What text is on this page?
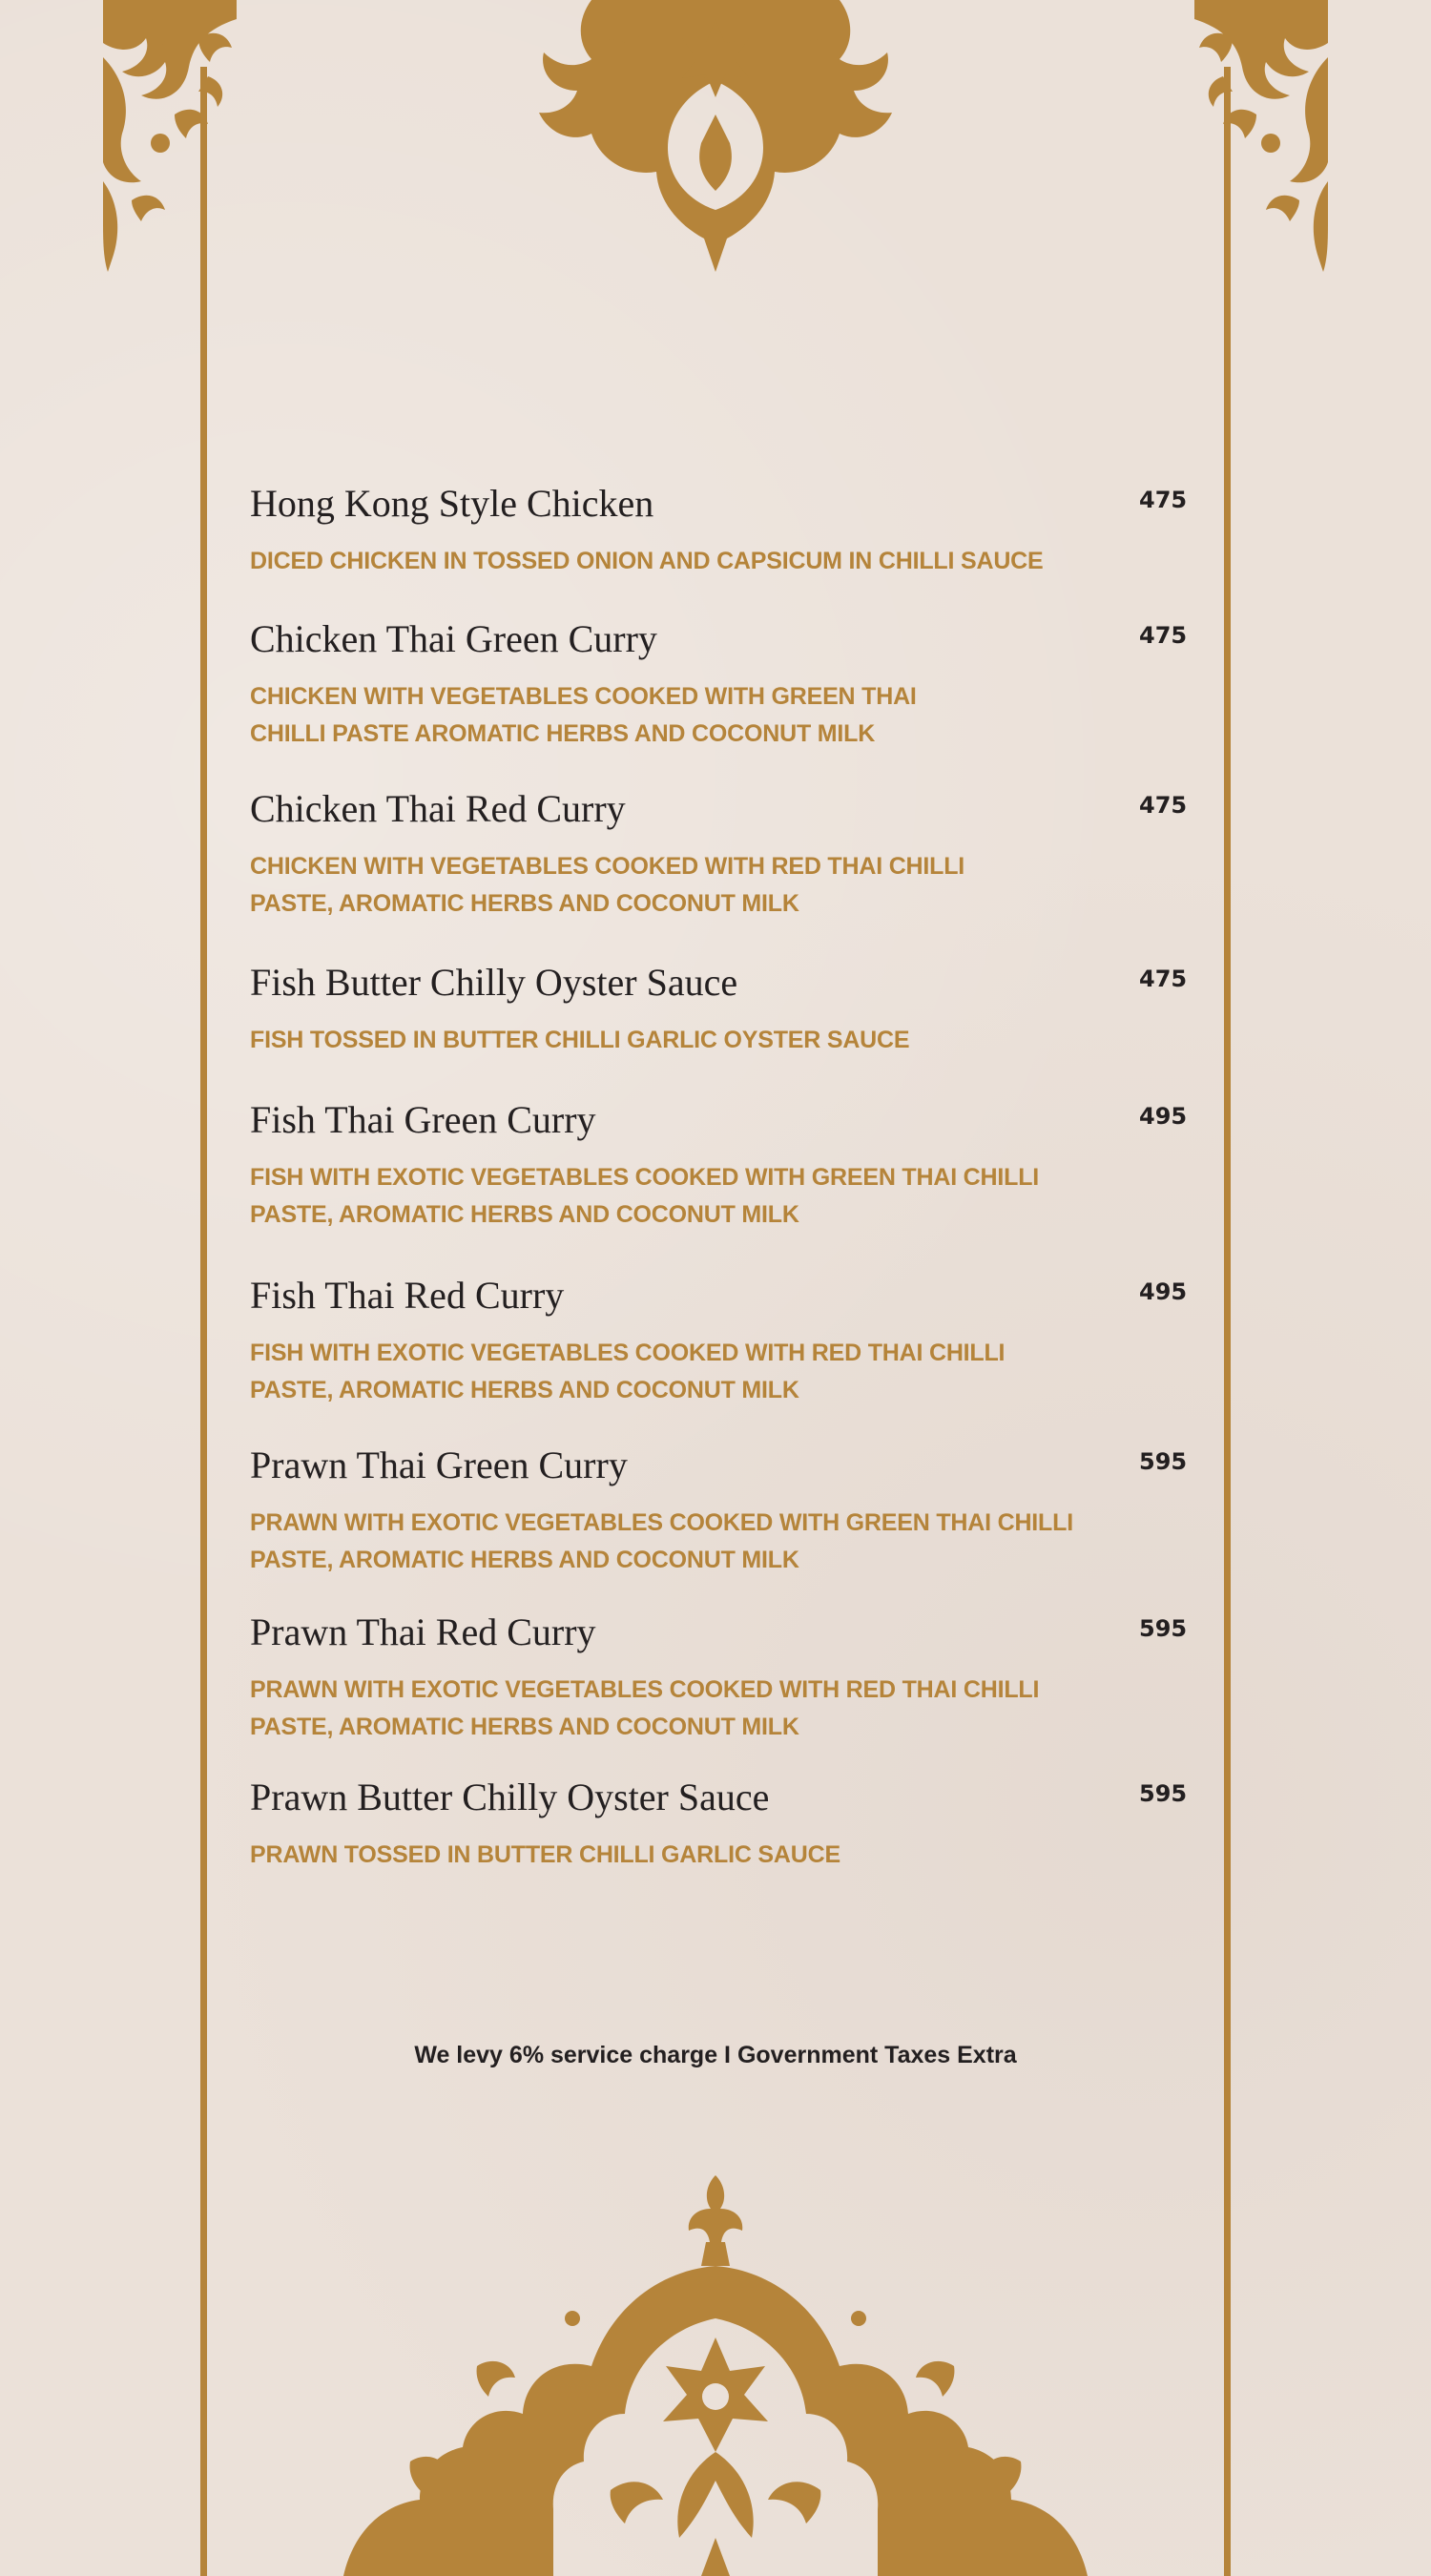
Hong Kong Style Chicken	475
DICED CHICKEN IN TOSSED ONION AND CAPSICUM IN CHILLI SAUCE
Chicken Thai Green Curry	475
CHICKEN WITH VEGETABLES COOKED WITH GREEN THAI
CHILLI PASTE AROMATIC HERBS AND COCONUT MILK
Chicken Thai Red Curry	475
CHICKEN WITH VEGETABLES COOKED WITH RED THAI CHILLI
PASTE, AROMATIC HERBS AND COCONUT MILK
Fish Butter Chilly Oyster Sauce	475
FISH TOSSED IN BUTTER CHILLI GARLIC OYSTER SAUCE
Fish Thai Green Curry	495
FISH WITH EXOTIC VEGETABLES COOKED WITH GREEN THAI CHILLI
PASTE, AROMATIC HERBS AND COCONUT MILK
Fish Thai Red Curry	495
FISH WITH EXOTIC VEGETABLES COOKED WITH RED THAI CHILLI
PASTE, AROMATIC HERBS AND COCONUT MILK
Prawn Thai Green Curry	595
PRAWN WITH EXOTIC VEGETABLES COOKED WITH GREEN THAI CHILLI
PASTE, AROMATIC HERBS AND COCONUT MILK
Prawn Thai Red Curry	595
PRAWN WITH EXOTIC VEGETABLES COOKED WITH RED THAI CHILLI
PASTE, AROMATIC HERBS AND COCONUT MILK
Prawn Butter Chilly Oyster Sauce	595
PRAWN TOSSED IN BUTTER CHILLI GARLIC SAUCE
We levy 6% service charge I Government Taxes Extra
